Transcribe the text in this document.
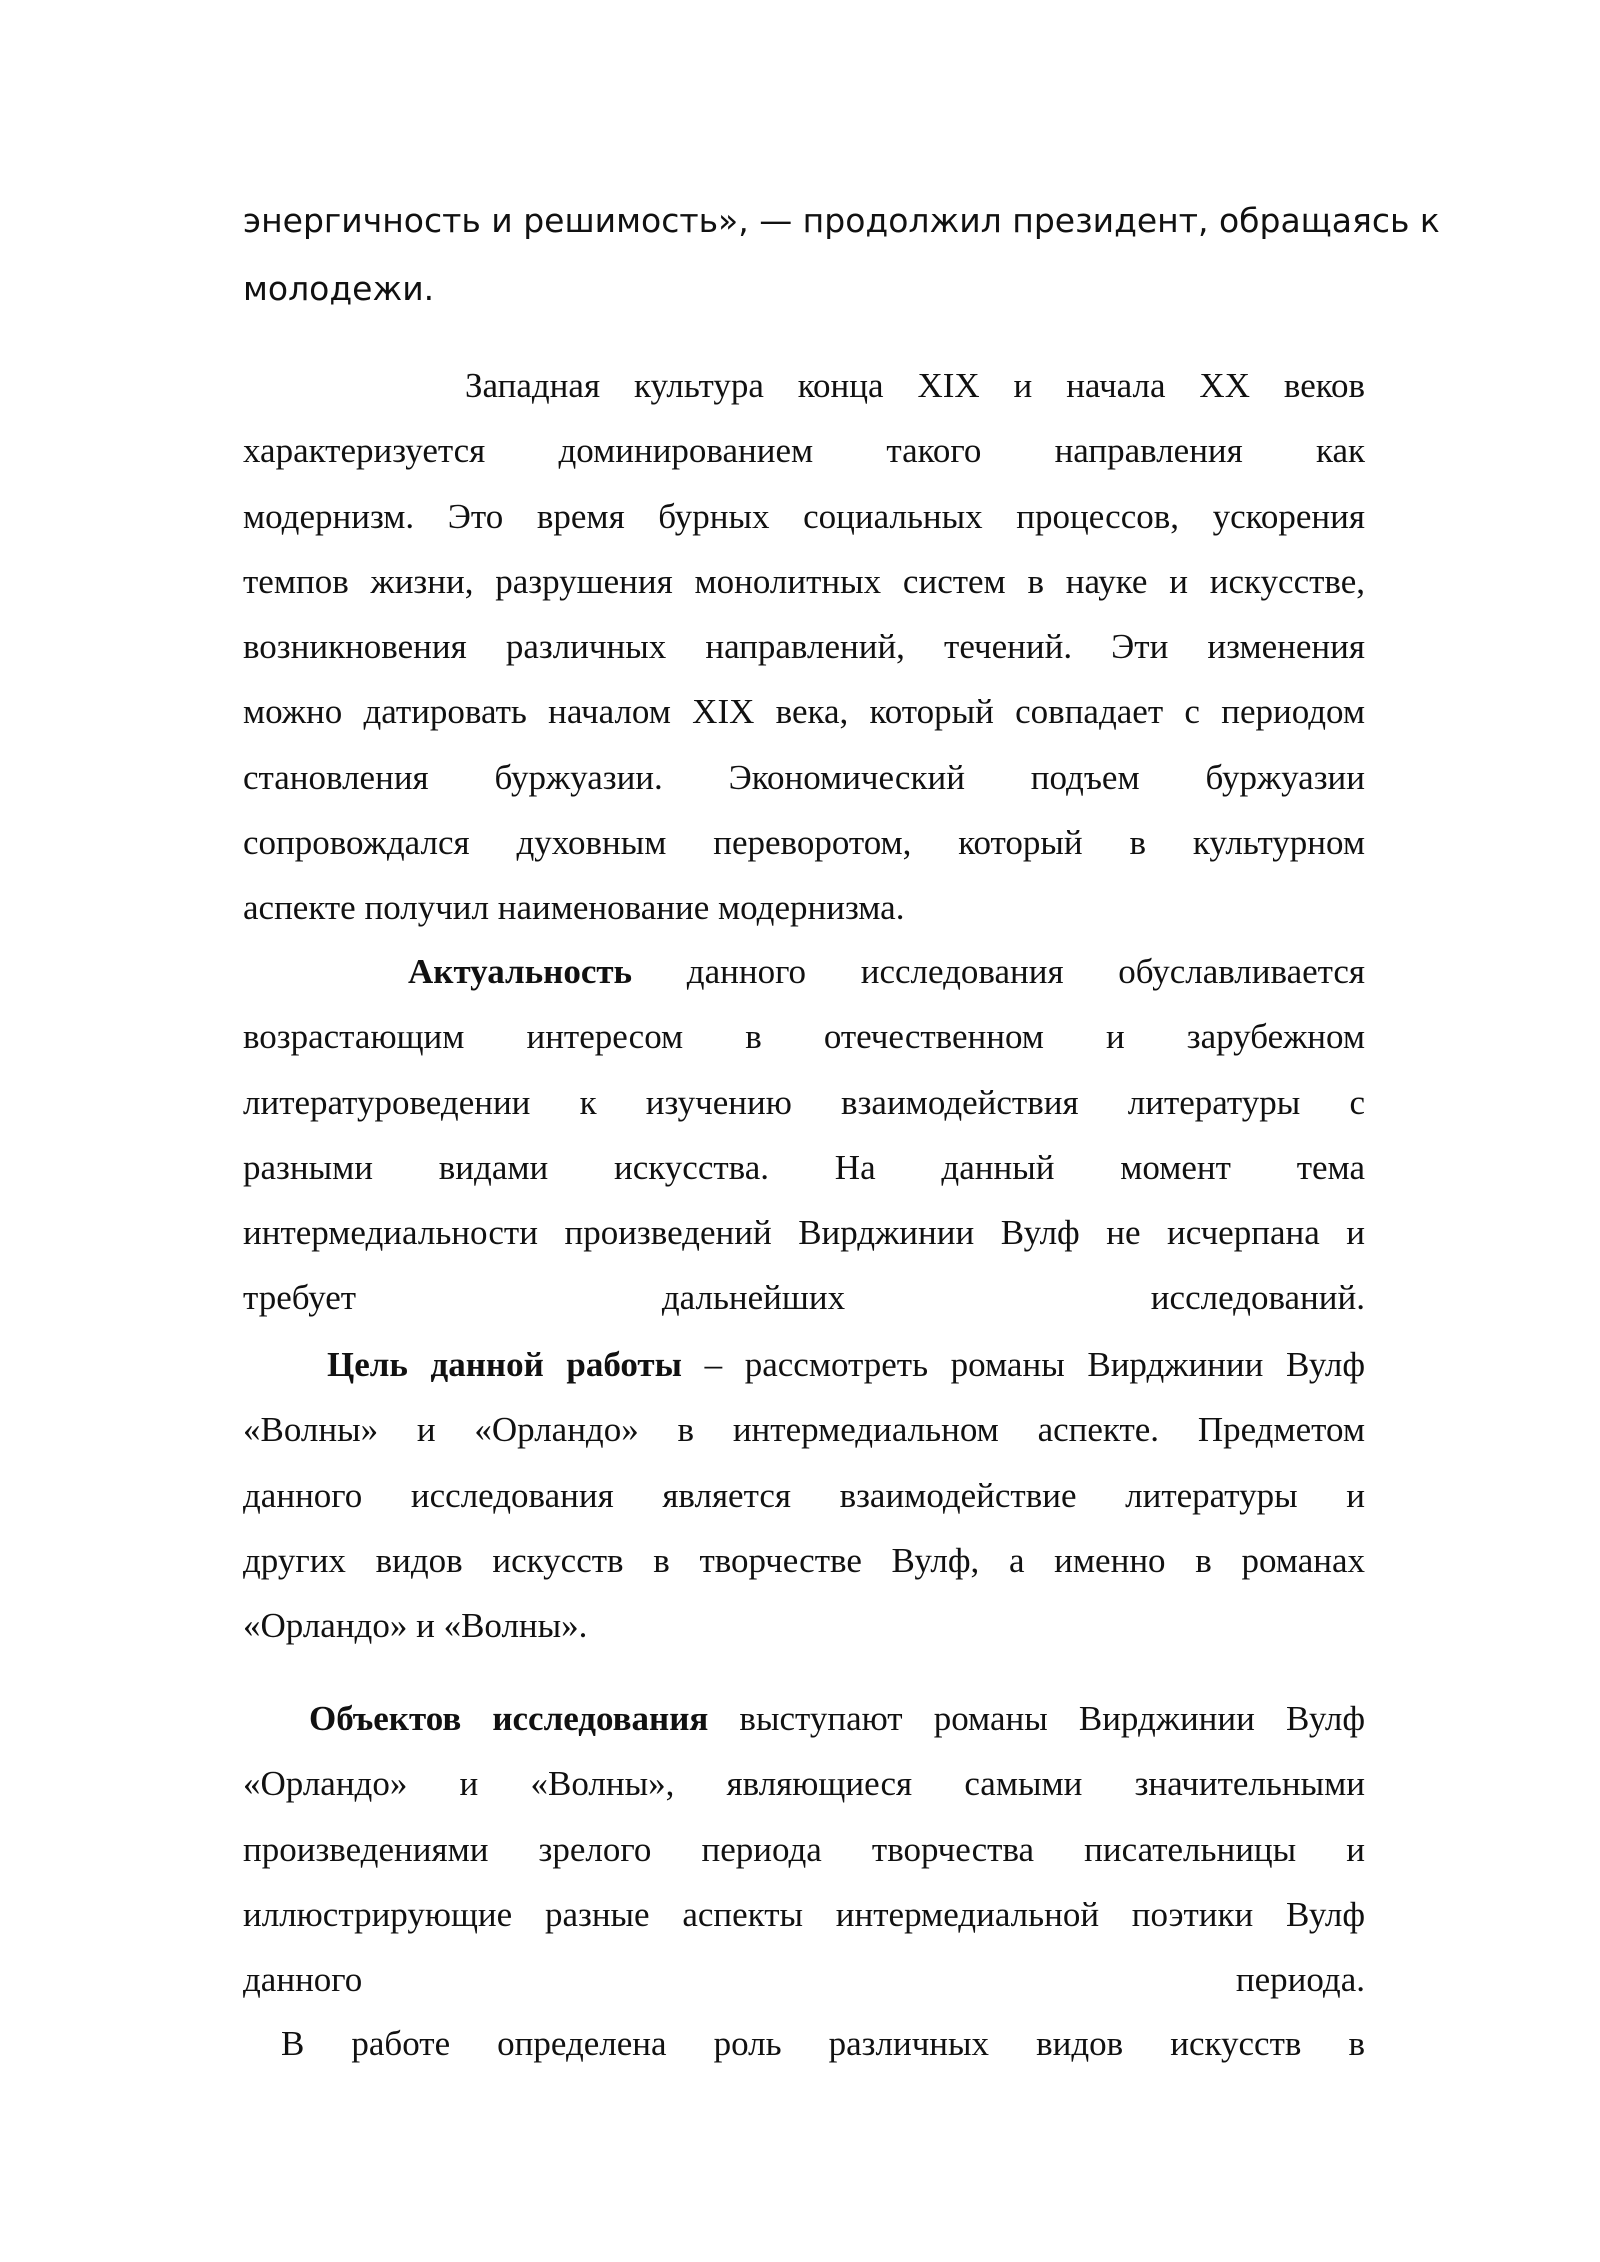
энергичность и решимость», — продолжил президент, обращаясь к
молодежи.
Западная культура конца XIX и начала XX веков
характеризуется доминированием такого направления как
модернизм. Это время бурных социальных процессов, ускорения
темпов жизни, разрушения монолитных систем в науке и искусстве,
возникновения различных направлений, течений. Эти изменения
можно датировать началом XIX века, который совпадает с периодом
становления буржуазии. Экономический подъем буржуазии
сопровождался духовным переворотом, который в культурном
аспекте получил наименование модернизма.
Актуальность данного исследования обуславливается
возрастающим интересом в отечественном и зарубежном
литературоведении к изучению взаимодействия литературы с
разными видами искусства. На данный момент тема
интермедиальности произведений Вирджинии Вулф не исчерпана и
требует дальнейших исследований.
Цель данной работы – рассмотреть романы Вирджинии Вулф
«Волны» и «Орландо» в интермедиальном аспекте. Предметом
данного исследования является взаимодействие литературы и
других видов искусств в творчестве Вулф, а именно в романах
«Орландо» и «Волны».
Объектов исследования выступают романы Вирджинии Вулф
«Орландо» и «Волны», являющиеся самыми значительными
произведениями зрелого периода творчества писательницы и
иллюстрирующие разные аспекты интермедиальной поэтики Вулф
данного периода.
В работе определена роль различных видов искусств в
